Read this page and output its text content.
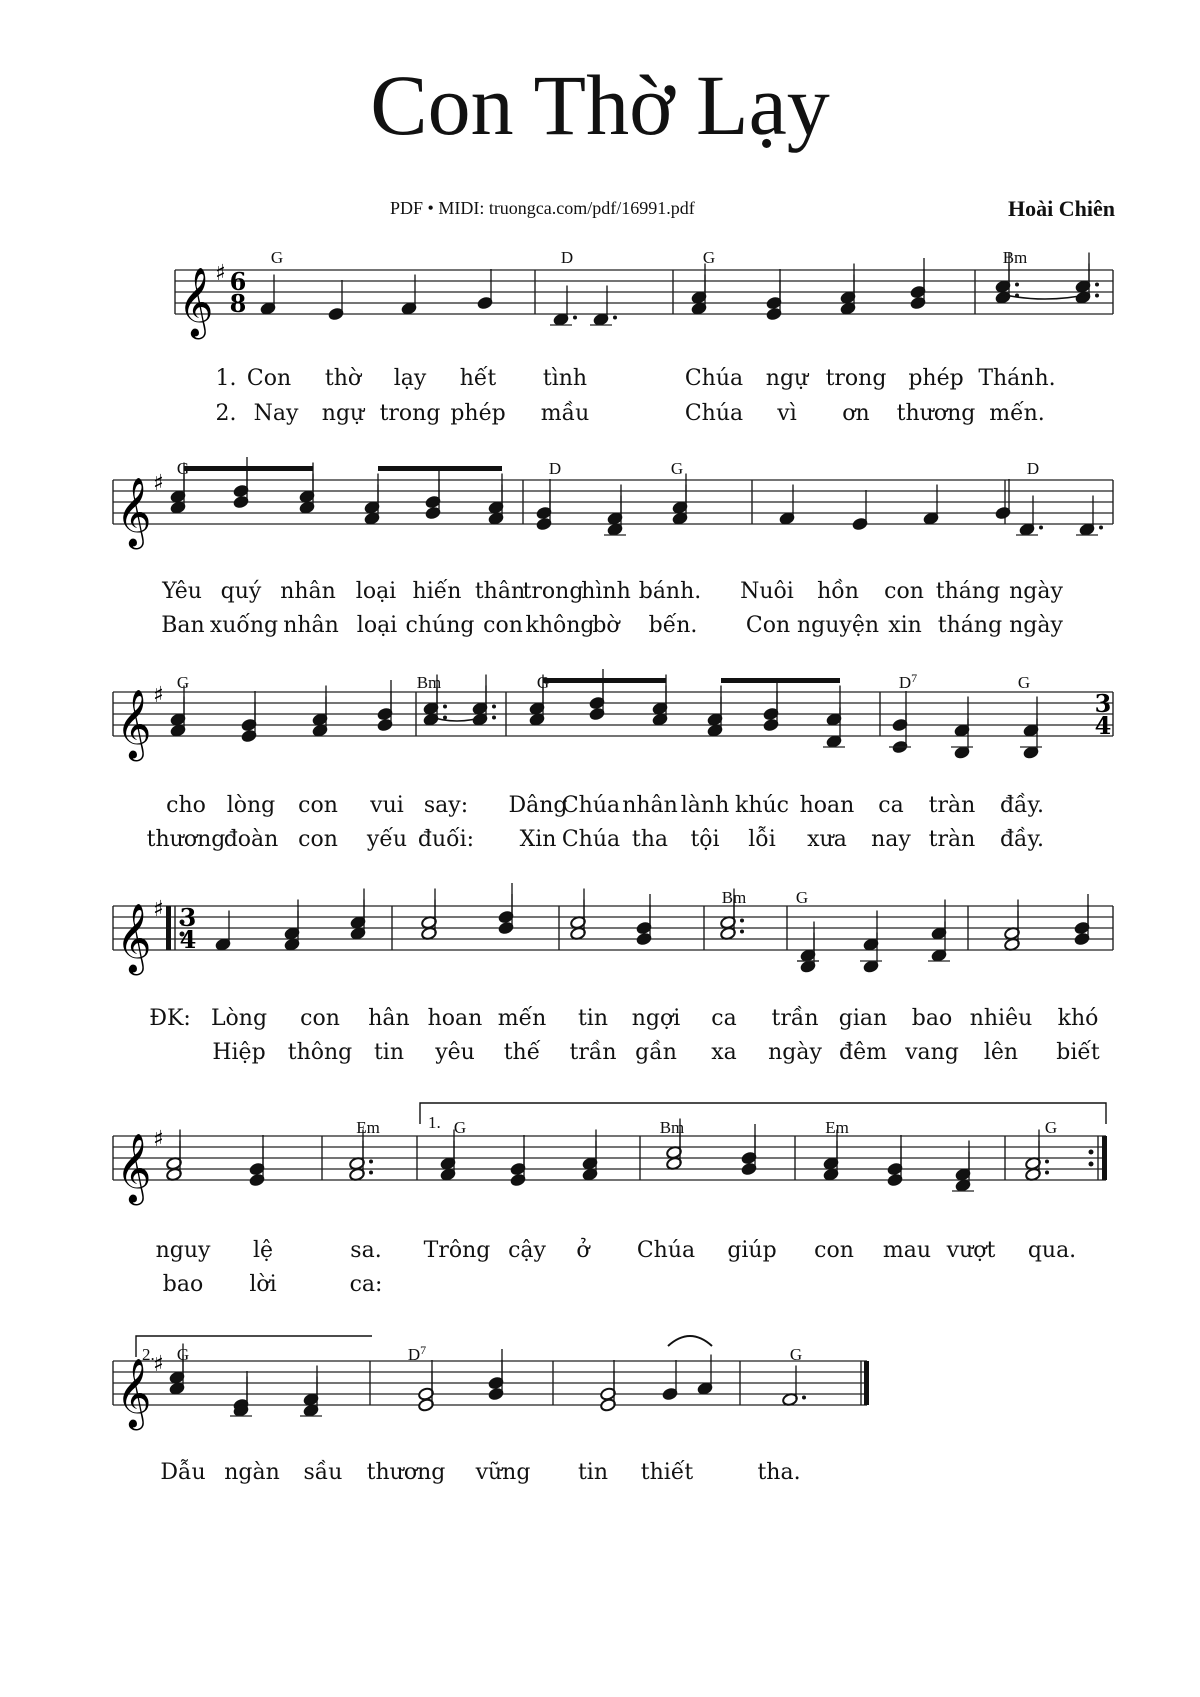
Con Thờ Lạy
PDF • MIDI: truongca.com/pdf/16991.pdf	Hoài Chiên
𝄞 ♯ 6
8
𝄞 ♯
𝄞 ♯	3
4
𝄞 ♯ 3
4
𝄞 ♯
𝄞 ♯
1.
2.
G	D	G	Bm
G	D	G	D
G	Bm	G	$D^7$	G
Bm	G
Em	G	Bm	Em	G
G	$D^7$	G
1. Con thờ lạy hết tình	Chúa ngự trong phép Thánh.
2. Nay ngự trong phép mầu	Chúa vì ơn thương mến.
Yêu quý nhân loại hiến thân
trong
hình bánh. Nuôi hồn con tháng ngày
Ban xuống nhân loại chúng con không
bờ bến. Con nguyện xin tháng ngày
cho lòng con vui say: Dâng
Chúa nhân lành khúc hoan ca tràn đầy.
thương
đoàn con yếu đuối: Xin Chúa tha tội lỗi xưa nay tràn đầy.
ĐK: Lòng con hân hoan mến tin ngợi ca trần gian bao nhiêu khó
Hiệp thông tin yêu thế trần gần xa ngày đêm vang lên biết
nguy lệ	sa. Trông cậy ở Chúa giúp con mau vượt qua.
bao lời	ca:
Dẫu ngàn sầu thương vững tin thiết	tha.
